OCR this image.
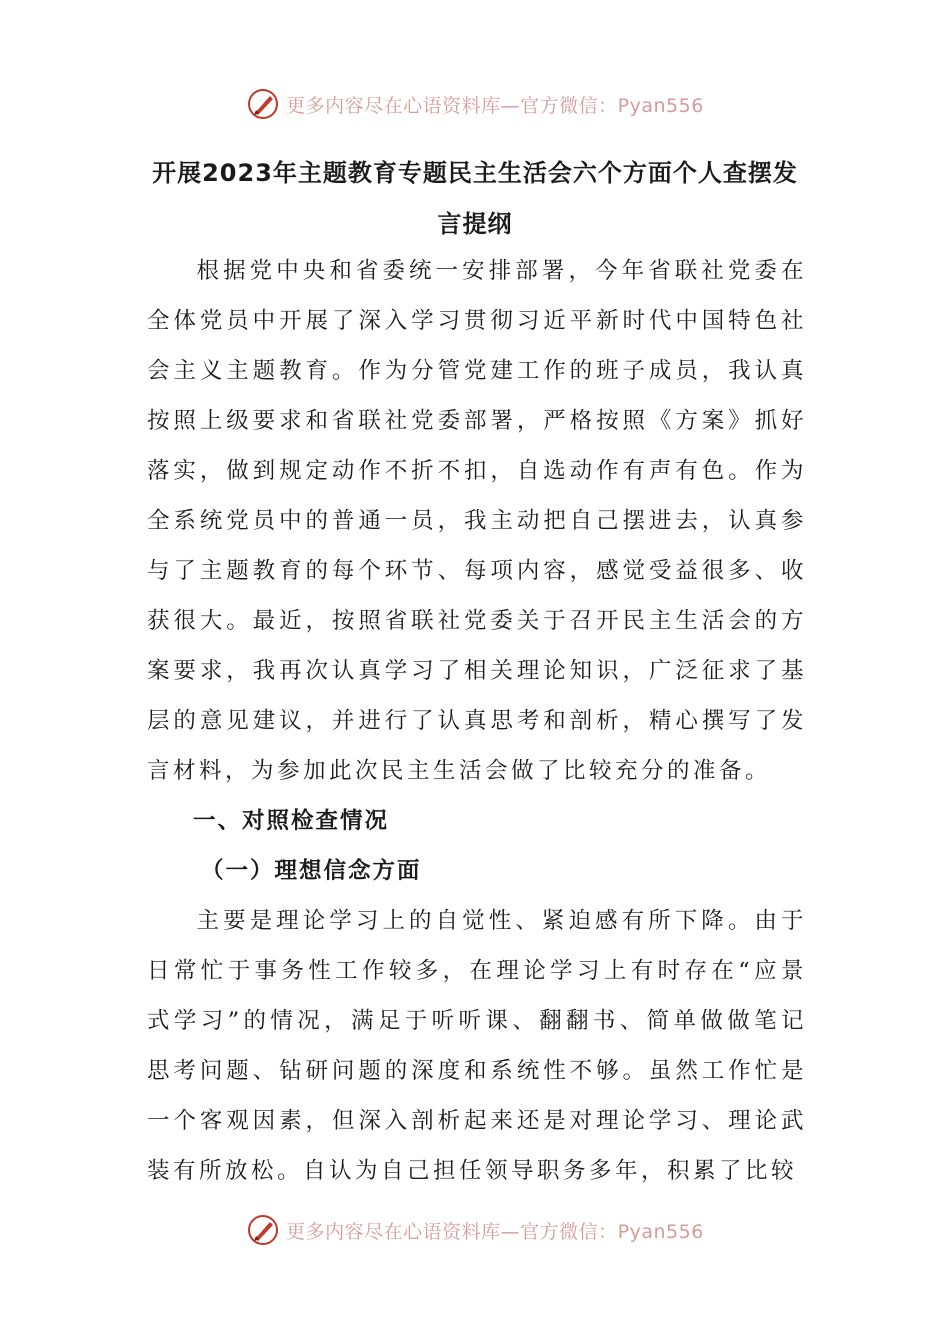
更多内容尽在心语资料库—官方微信：Pyan556
开展2023年主题教育专题民主生活会六个方面个人查摆发言提纲

根据党中央和省委统一安排部署，今年省联社党委在全体党员中开展了深入学习贯彻习近平新时代中国特色社会主义主题教育。作为分管党建工作的班子成员，我认真按照上级要求和省联社党委部署，严格按照《方案》抓好落实，做到规定动作不折不扣，自选动作有声有色。作为全系统党员中的普通一员，我主动把自己摆进去，认真参与了主题教育的每个环节、每项内容，感觉受益很多、收获很大。最近，按照省联社党委关于召开民主生活会的方案要求，我再次认真学习了相关理论知识，广泛征求了基层的意见建议，并进行了认真思考和剖析，精心撰写了发言材料，为参加此次民主生活会做了比较充分的准备。

一、对照检查情况

（一）理想信念方面

主要是理论学习上的自觉性、紧迫感有所下降。由于日常忙于事务性工作较多，在理论学习上有时存在“应景式学习”的情况，满足于听听课、翻翻书、简单做做笔记思考问题、钻研问题的深度和系统性不够。虽然工作忙是一个客观因素，但深入剖析起来还是对理论学习、理论武装有所放松。自认为自己担任领导职务多年，积累了比较

更多内容尽在心语资料库—官方微信：Pyan556
